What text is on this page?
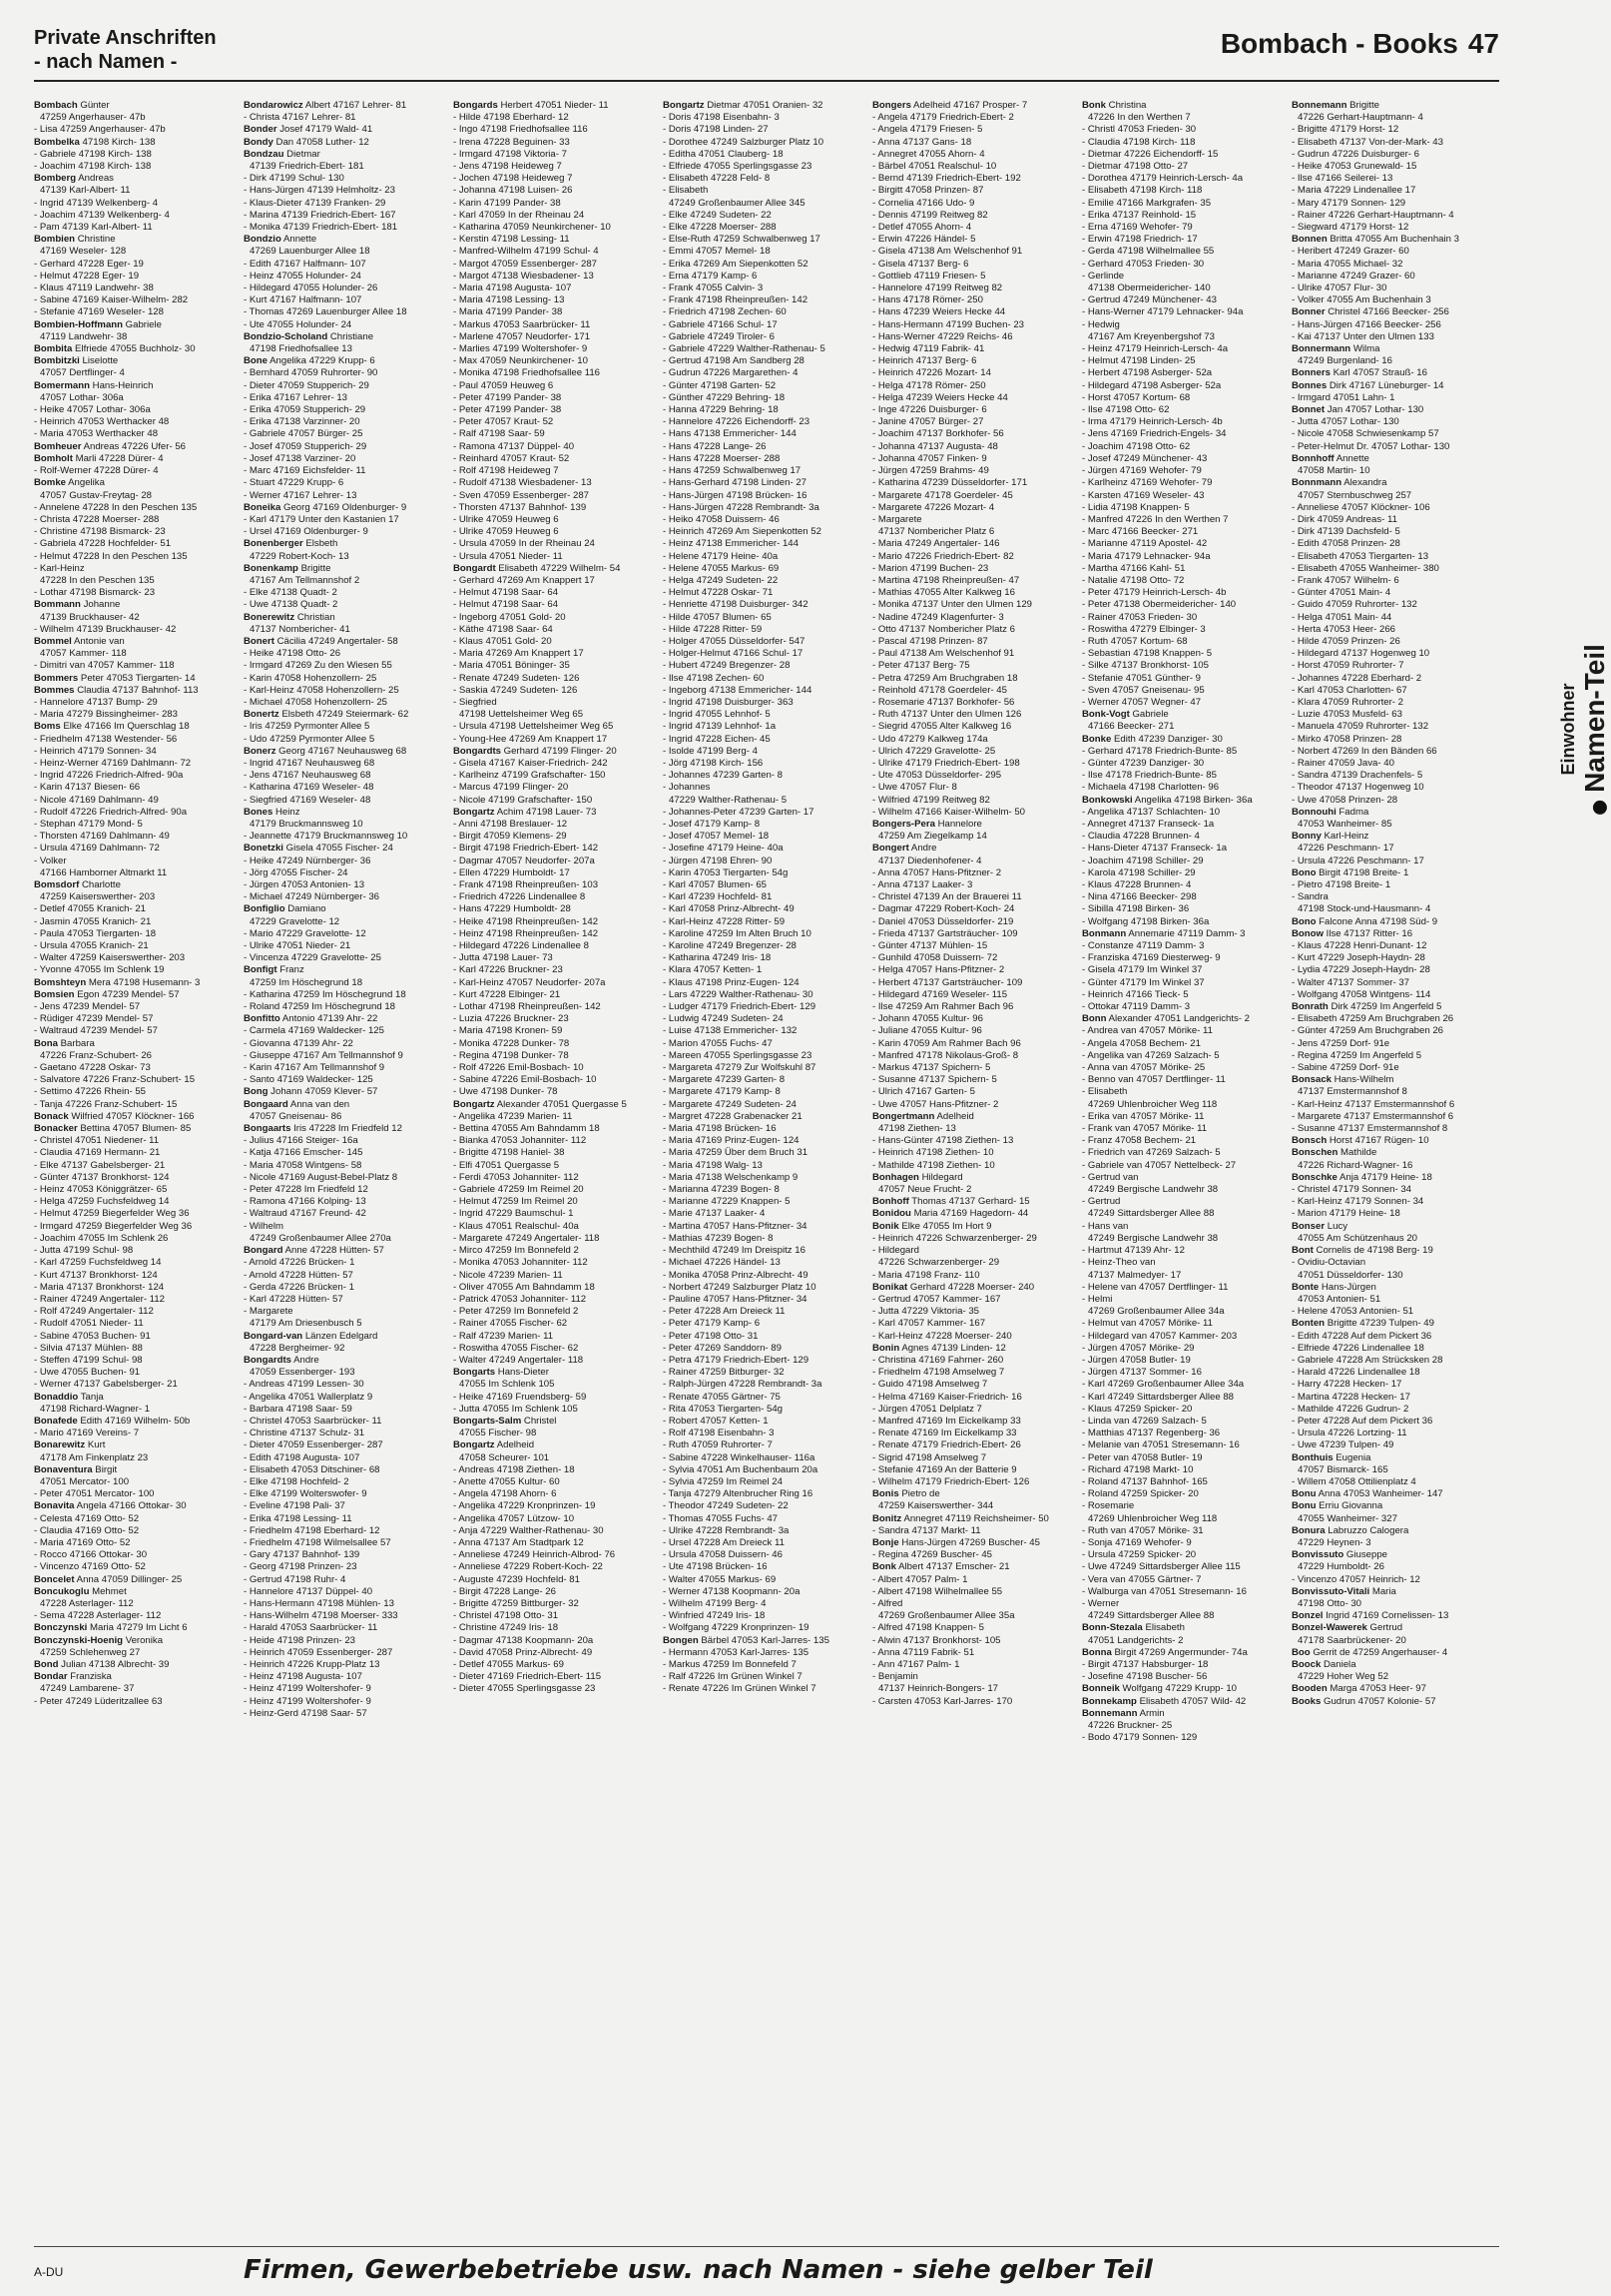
Private Anschriften
- nach Namen -
Bombach - Books 47
Bombach Günter
47259 Angerhauser- 47b
- Lisa 47259 Angerhauser- 47b
Bombelka 47198 Kirch- 138
- Gabriele 47198 Kirch- 138
- Joachim 47198 Kirch- 138
Bomberg Andreas
47139 Karl-Albert- 11
- Ingrid 47139 Welkenberg- 4
- Joachim 47139 Welkenberg- 4
- Pam 47139 Karl-Albert- 11
Bombien Christine
47169 Weseler- 128
- Gerhard 47228 Eger- 19
- Helmut 47228 Eger- 19
- Klaus 47119 Landwehr- 38
- Sabine 47169 Kaiser-Wilhelm- 282
- Stefanie 47169 Weseler- 128
Bombien-Hoffmann Gabriele
47119 Landwehr- 38
Bombita Elfriede 47055 Buchholz- 30
Bombitzki Liselotte
47057 Dertflinger- 4
Bomermann Hans-Heinrich
47057 Lothar- 306a
- Heike 47057 Lothar- 306a
- Heinrich 47053 Werthacker 48
- Maria 47053 Werthacker 48
Bomheuer Andreas 47226 Ufer- 56
Bomholt Marli 47228 Dürer- 4
- Rolf-Werner 47228 Dürer- 4
Bomke Angelika
47057 Gustav-Freytag- 28
- Annelene 47228 In den Peschen 135
- Christa 47228 Moerser- 288
- Christine 47198 Bismarck- 23
- Gabriela 47228 Hochfelder- 51
- Helmut 47228 In den Peschen 135
- Karl-Heinz
47228 In den Peschen 135
- Lothar 47198 Bismarck- 23
Bommann Johanne
47139 Bruckhauser- 42
- Wilhelm 47139 Bruckhauser- 42
Bommel Antonie van
47057 Kammer- 118
- Dimitri van 47057 Kammer- 118
Bommers Peter 47053 Tiergarten- 14
Bommes Claudia 47137 Bahnhof- 113
- Hannelore 47137 Bump- 29
- Maria 47279 Bissingheimer- 283
Boms Elke 47166 Im Querschlag 18
- Friedhelm 47138 Westender- 56
- Heinrich 47179 Sonnen- 34
- Heinz-Werner 47169 Dahlmann- 72
- Ingrid 47226 Friedrich-Alfred- 90a
- Karin 47137 Biesen- 66
- Nicole 47169 Dahlmann- 49
- Rudolf 47226 Friedrich-Alfred- 90a
- Stephan 47179 Mond- 5
- Thorsten 47169 Dahlmann- 49
- Ursula 47169 Dahlmann- 72
- Volker
47166 Hamborner Altmarkt 11
Bomsdorf Charlotte
47259 Kaiserswerther- 203
- Detlef 47055 Kranich- 21
- Jasmin 47055 Kranich- 21
- Paula 47053 Tiergarten- 18
- Ursula 47055 Kranich- 21
- Walter 47259 Kaiserswerther- 203
- Yvonne 47055 Im Schlenk 19
Bomshteyn Mera 47198 Husemann- 3
Bomsien Egon 47239 Mendel- 57
- Jens 47239 Mendel- 57
- Rüdiger 47239 Mendel- 57
- Waltraud 47239 Mendel- 57
Bona Barbara
47226 Franz-Schubert- 26
- Gaetano 47228 Oskar- 73
- Salvatore 47226 Franz-Schubert- 15
- Settimo 47226 Rhein- 55
- Tanja 47226 Franz-Schubert- 15
Bonack Wilfried 47057 Klöckner- 166
Bonacker Bettina 47057 Blumen- 85
- Christel 47051 Niedener- 11
- Claudia 47169 Hermann- 21
- Elke 47137 Gabelsberger- 21
- Günter 47137 Bronkhorst- 124
- Heinz 47053 Königgrätzer- 65
- Helga 47259 Fuchsfeldweg 14
- Helmut 47259 Biegerfelder Weg 36
- Irmgard 47259 Biegerfelder Weg 36
- Joachim 47055 Im Schlenk 26
- Jutta 47199 Schul- 98
- Karl 47259 Fuchsfeldweg 14
- Kurt 47137 Bronkhorst- 124
- Maria 47137 Bronkhorst- 124
- Rainer 47249 Angertaler- 112
- Rolf 47249 Angertaler- 112
- Rudolf 47051 Nieder- 11
- Sabine 47053 Buchen- 91
- Silvia 47137 Mühlen- 88
- Steffen 47199 Schul- 98
- Uwe 47055 Buchen- 91
- Werner 47137 Gabelsberger- 21
Bonaddio Tanja
47198 Richard-Wagner- 1
Bonafede Edith 47169 Wilhelm- 50b
- Mario 47169 Vereins- 7
Bonarewitz Kurt
47178 Am Finkenplatz 23
Bonaventura Birgit
47051 Mercator- 100
- Peter 47051 Mercator- 100
Bonavita Angela 47166 Ottokar- 30
- Celesta 47169 Otto- 52
- Claudia 47169 Otto- 52
- Maria 47169 Otto- 52
- Rocco 47166 Ottokar- 30
- Vincenzo 47169 Otto- 52
Boncelet Anna 47059 Dillinger- 25
Boncukoglu Mehmet
47228 Asterlager- 112
- Sema 47228 Asterlager- 112
Bonczynski Maria 47279 Im Licht 6
Bonczynski-Hoenig Veronika
47259 Schlehenweg 27
Bond Julian 47138 Albrecht- 39
Bondar Franziska
47249 Lambarene- 37
- Peter 47249 Lüderitzallee 63
Bondarowicz Albert 47167 Lehrer- 81
- Christa 47167 Lehrer- 81
Bonder Josef 47179 Wald- 41
Bondy Dan 47058 Luther- 12
Bondzau Dietmar
47139 Friedrich-Ebert- 181
- Dirk 47199 Schul- 130
- Hans-Jürgen 47139 Helmholtz- 23
- Klaus-Dieter 47139 Franken- 29
- Marina 47139 Friedrich-Ebert- 167
- Monika 47139 Friedrich-Ebert- 181
Bondzio Annette
47269 Lauenburger Allee 18
- Edith 47167 Halfmann- 107
- Heinz 47055 Holunder- 24
- Hildegard 47055 Holunder- 26
- Kurt 47167 Halfmann- 107
- Thomas 47269 Lauenburger Allee 18
- Ute 47055 Holunder- 24
Bondzio-Scholand Christiane
47198 Friedhofsallee 13
Bone Angelika 47229 Krupp- 6
- Bernhard 47059 Ruhrorter- 90
- Dieter 47059 Stupperich- 29
- Erika 47167 Lehrer- 13
- Erika 47059 Stupperich- 29
- Erika 47138 Varzinner- 20
- Gabriele 47057 Bürger- 25
- Josef 47059 Stupperich- 29
- Josef 47138 Varziner- 20
- Marc 47169 Eichsfelder- 11
- Stuart 47229 Krupp- 6
- Werner 47167 Lehrer- 13
Boneika Georg 47169 Oldenburger- 9
- Karl 47179 Unter den Kastanien 17
- Ursel 47169 Oldenburger- 9
Bonenberger Elsbeth
47229 Robert-Koch- 13
Bonenkamp Brigitte
47167 Am Tellmannshof 2
- Elke 47138 Quadt- 2
- Uwe 47138 Quadt- 2
Bonerewitz Christian
47137 Nombericher- 41
Bonert Cäcilia 47249 Angertaler- 58
- Heike 47198 Otto- 26
- Irmgard 47269 Zu den Wiesen 55
- Karin 47058 Hohenzollern- 25
- Karl-Heinz 47058 Hohenzollern- 25
- Michael 47058 Hohenzollern- 25
Bonertz Elsbeth 47249 Steiermark- 62
- Iris 47259 Pyrmonter Allee 5
- Udo 47259 Pyrmonter Allee 5
Bonerz Georg 47167 Neuhausweg 68
- Ingrid 47167 Neuhausweg 68
- Jens 47167 Neuhausweg 68
- Katharina 47169 Weseler- 48
- Siegfried 47169 Weseler- 48
Bones Heinz
47179 Bruckmannsweg 10
- Jeannette 47179 Bruckmannsweg 10
Bonetzki Gisela 47055 Fischer- 24
- Heike 47249 Nürnberger- 36
- Jörg 47055 Fischer- 24
- Jürgen 47053 Antonien- 13
- Michael 47249 Nürnberger- 36
Bonfiglio Damiano
47229 Gravelotte- 12
- Mario 47229 Gravelotte- 12
- Ulrike 47051 Nieder- 21
- Vincenza 47229 Gravelotte- 25
Bonfigt Franz
47259 Im Höschegrund 18
- Katharina 47259 Im Höschegrund 18
- Roland 47259 Im Höschegrund 18
Bonfitto Antonio 47139 Ahr- 22
- Carmela 47169 Waldecker- 125
- Giovanna 47139 Ahr- 22
- Giuseppe 47167 Am Tellmannshof 9
- Karin 47167 Am Tellmannshof 9
- Santo 47169 Waldecker- 125
Bong Johann 47059 Klever- 57
Bongaard Anna van den
47057 Gneisenau- 86
Bongaarts Iris 47228 Im Friedfeld 12
- Julius 47166 Steiger- 16a
- Katja 47166 Emscher- 145
- Maria 47058 Wintgens- 58
- Nicole 47169 August-Bebel-Platz 8
- Peter 47228 Im Friedfeld 12
- Ramona 47166 Kolping- 13
- Waltraud 47167 Freund- 42
- Wilhelm
47249 Großenbaumer Allee 270a
Bongard Anne 47228 Hütten- 57
- Arnold 47226 Brücken- 1
- Arnold 47228 Hütten- 57
- Gerda 47226 Brücken- 1
- Karl 47228 Hütten- 57
- Margarete
47179 Am Driesenbusch 5
Bongard-van Länzen Edelgard
47228 Bergheimer- 92
Bongardts Andre
47059 Essenberger- 193
- Andreas 47199 Lessen- 30
- Angelika 47051 Wallerplatz 9
- Barbara 47198 Saar- 59
- Christel 47053 Saarbrücker- 11
- Christine 47137 Schulz- 31
- Dieter 47059 Essenberger- 287
- Edith 47198 Augusta- 107
- Elisabeth 47053 Ditschiner- 68
- Elke 47198 Hochfeld- 2
- Elke 47199 Wolterswofer- 9
- Eveline 47198 Pali- 37
- Erika 47198 Lessing- 11
- Friedhelm 47198 Eberhard- 12
- Friedhelm 47198 Wilmelsallee 57
- Gary 47137 Bahnhof- 139
- Georg 47198 Prinzen- 23
- Gertrud 47198 Ruhr- 4
- Hannelore 47137 Düppel- 40
- Hans-Hermann 47198 Mühlen- 13
- Hans-Wilhelm 47198 Moerser- 333
- Harald 47053 Saarbrücker- 11
- Heide 47198 Prinzen- 23
- Heinrich 47059 Essenberger- 287
- Heinrich 47226 Krupp-Platz 13
- Heinz 47198 Augusta- 107
- Heinz 47199 Woltershofer- 9
- Heinz 47199 Woltershofer- 9
- Heinz-Gerd 47198 Saar- 57
Bongards Herbert 47051 Nieder- 11
- Hilde 47198 Eberhard- 12
- Ingo 47198 Friedhofsallee 116
- Irena 47228 Beguinen- 33
- Irmgard 47198 Viktoria- 7
- Jens 47198 Heideweg 7
- Jochen 47198 Heideweg 7
- Johanna 47198 Luisen- 26
- Karin 47199 Pander- 38
- Karl 47059 In der Rheinau 24
- Katharina 47059 Neunkirchener- 10
- Kerstin 47198 Lessing- 11
- Manfred-Wilhelm 47199 Schul- 4
- Margot 47059 Essenberger- 287
- Margot 47138 Wiesbadener- 13
- Maria 47198 Augusta- 107
- Maria 47198 Lessing- 13
- Maria 47199 Pander- 38
- Markus 47053 Saarbrücker- 11
- Marlene 47057 Neudorfer- 171
- Marlies 47199 Woltershofer- 9
- Max 47059 Neunkirchener- 10
- Monika 47198 Friedhofsallee 116
- Paul 47059 Heuweg 6
- Peter 47199 Pander- 38
- Peter 47199 Pander- 38
- Peter 47057 Kraut- 52
- Ralf 47198 Saar- 59
- Ramona 47137 Düppel- 40
- Reinhard 47057 Kraut- 52
- Rolf 47198 Heideweg 7
- Rudolf 47138 Wiesbadener- 13
- Sven 47059 Essenberger- 287
- Thorsten 47137 Bahnhof- 139
- Ulrike 47059 Heuweg 6
- Ulrike 47059 Heuweg 6
- Ursula 47059 In der Rheinau 24
- Ursula 47051 Nieder- 11
Bongardt Elisabeth 47229 Wilhelm- 54
- Gerhard 47269 Am Knappert 17
- Helmut 47198 Saar- 64
- Helmut 47198 Saar- 64
- Ingeborg 47051 Gold- 20
- Käthe 47198 Saar- 64
- Klaus 47051 Gold- 20
- Maria 47269 Am Knappert 17
- Maria 47051 Böninger- 35
- Renate 47249 Sudeten- 126
- Saskia 47249 Sudeten- 126
- Siegfried
47198 Uettelsheimer Weg 65
- Ursula 47198 Uettelsheimer Weg 65
- Young-Hee 47269 Am Knappert 17
Bongardts Gerhard 47199 Flinger- 20
- Gisela 47167 Kaiser-Friedrich- 242
- Karlheinz 47199 Grafschafter- 150
- Marcus 47199 Flinger- 20
- Nicole 47199 Grafschafter- 150
Bongartz Achim 47198 Lauer- 73
- Anni 47198 Breslauer- 12
- Birgit 47059 Klemens- 29
- Birgit 47198 Friedrich-Ebert- 142
- Dagmar 47057 Neudorfer- 207a
- Ellen 47229 Humboldt- 17
- Frank 47198 Rheinpreußen- 103
- Friedrich 47226 Lindenallee 8
- Hans 47229 Humboldt- 28
- Heike 47198 Rheinpreußen- 142
- Heinz 47198 Rheinpreußen- 142
- Hildegard 47226 Lindenallee 8
- Jutta 47198 Lauer- 73
- Karl 47226 Bruckner- 23
- Karl-Heinz 47057 Neudorfer- 207a
- Kurt 47228 Elbinger- 21
- Lothar 47198 Rheinpreußen- 142
- Luzia 47226 Bruckner- 23
- Maria 47198 Kronen- 59
- Monika 47228 Dunker- 78
- Regina 47198 Dunker- 78
- Rolf 47226 Emil-Bosbach- 10
- Sabine 47226 Emil-Bosbach- 10
- Uwe 47198 Dunker- 78
Bongartz Alexander 47051 Quergasse 5
- Angelika 47239 Marien- 11
- Bettina 47055 Am Bahndamm 18
- Bianka 47053 Johanniter- 112
- Brigitte 47198 Haniel- 38
- Elfi 47051 Quergasse 5
- Ferdi 47053 Johanniter- 112
- Gabriele 47259 Im Reimel 20
- Helmut 47259 Im Reimel 20
- Ingrid 47229 Baumschul- 1
- Klaus 47051 Realschul- 40a
- Margarete 47249 Angertaler- 118
- Mirco 47259 Im Bonnefeld 2
- Monika 47053 Johanniter- 112
- Nicole 47239 Marien- 11
- Oliver 47055 Am Bahndamm 18
- Patrick 47053 Johanniter- 112
- Peter 47259 Im Bonnefeld 2
- Rainer 47055 Fischer- 62
- Ralf 47239 Marien- 11
- Roswitha 47055 Fischer- 62
- Walter 47249 Angertaler- 118
Bongarts Hans-Dieter
47055 Im Schlenk 105
- Heike 47169 Fruendsberg- 59
- Jutta 47055 Im Schlenk 105
Bongarts-Salm Christel
47055 Fischer- 98
Bongartz Adelheid
47058 Scheurer- 101
- Andreas 47198 Ziethen- 18
- Anette 47055 Kultur- 60
- Angela 47198 Ahorn- 6
- Angelika 47229 Kronprinzen- 19
- Angelika 47057 Lützow- 10
- Anja 47229 Walther-Rathenau- 30
- Anna 47137 Am Stadtpark 12
- Anneliese 47249 Heinrich-Albrod- 76
- Anneliese 47229 Robert-Koch- 22
- Auguste 47239 Hochfeld- 81
- Birgit 47228 Lange- 26
- Brigitte 47259 Bittburger- 32
- Christel 47198 Otto- 31
- Christine 47249 Iris- 18
- Dagmar 47138 Koopmann- 20a
- David 47058 Prinz-Albrecht- 49
- Detlef 47055 Markus- 69
- Dieter 47169 Friedrich-Ebert- 115
- Dieter 47055 Sperlingsgasse 23
Bongartz Dietmar 47051 Oranien- 32
- Doris 47198 Eisenbahn- 3
- Doris 47198 Linden- 27
- Dorothee 47249 Salzburger Platz 10
- Editha 47051 Clauberg- 18
- Elfriede 47055 Sperlingsgasse 23
- Elisabeth 47228 Feld- 8
- Elisabeth
47249 Großenbaumer Allee 345
- Elke 47249 Sudeten- 22
- Elke 47228 Moerser- 288
- Else-Ruth 47259 Schwalbenweg 17
- Emmi 47057 Memel- 18
- Erika 47269 Am Siepenkotten 52
- Erna 47179 Kamp- 6
- Frank 47055 Calvin- 3
- Frank 47198 Rheinpreußen- 142
- Friedrich 47198 Zechen- 60
- Gabriele 47166 Schul- 17
- Gabriele 47249 Tiroler- 6
- Gabriele 47229 Walther-Rathenau- 5
- Gertrud 47198 Am Sandberg 28
- Gudrun 47226 Margarethen- 4
- Günter 47198 Garten- 52
- Günther 47229 Behring- 18
- Hanna 47229 Behring- 18
- Hannelore 47226 Eichendorff- 23
- Hans 47138 Emmericher- 144
- Hans 47228 Lange- 26
- Hans 47228 Moerser- 288
- Hans 47259 Schwalbenweg 17
- Hans-Gerhard 47198 Linden- 27
- Hans-Jürgen 47198 Brücken- 16
- Hans-Jürgen 47228 Rembrandt- 3a
- Heiko 47058 Duissern- 46
- Heinrich 47269 Am Siepenkotten 52
- Heinz 47138 Emmericher- 144
- Helene 47179 Heine- 40a
- Helene 47055 Markus- 69
- Helga 47249 Sudeten- 22
- Helmut 47228 Oskar- 71
- Henriette 47198 Duisburger- 342
- Hilde 47057 Blumen- 65
- Hilde 47228 Ritter- 59
- Holger 47055 Düsseldorfer- 547
- Holger-Helmut 47166 Schul- 17
- Hubert 47249 Bregenzer- 28
- Ilse 47198 Zechen- 60
- Ingeborg 47138 Emmericher- 144
- Ingrid 47198 Duisburger- 363
- Ingrid 47055 Lehnhof- 5
- Ingrid 47139 Lehnhof- 1a
- Ingrid 47228 Eichen- 45
- Isolde 47199 Berg- 4
- Jörg 47198 Kirch- 156
- Johannes 47239 Garten- 8
- Johannes
47229 Walther-Rathenau- 5
- Johannes-Peter 47239 Garten- 17
- Josef 47179 Kamp- 8
- Josef 47057 Memel- 18
- Josefine 47179 Heine- 40a
- Jürgen 47198 Ehren- 90
- Karin 47053 Tiergarten- 54g
- Karl 47057 Blumen- 65
- Karl 47239 Hochfeld- 81
- Karl 47058 Prinz-Albrecht- 49
- Karl-Heinz 47228 Ritter- 59
- Karoline 47259 Im Alten Bruch 10
- Karoline 47249 Bregenzer- 28
- Katharina 47249 Iris- 18
- Klara 47057 Ketten- 1
- Klaus 47198 Prinz-Eugen- 124
- Lars 47229 Walther-Rathenau- 30
- Ludger 47179 Friedrich-Ebert- 129
- Ludwig 47249 Sudeten- 24
- Luise 47138 Emmericher- 132
- Marion 47055 Fuchs- 47
- Mareen 47055 Sperlingsgasse 23
- Margareta 47279 Zur Wolfskuhl 87
- Margarete 47239 Garten- 8
- Margarete 47179 Kamp- 8
- Margarete 47249 Sudeten- 24
- Margret 47228 Grabenacker 21
- Maria 47198 Brücken- 16
- Maria 47169 Prinz-Eugen- 124
- Maria 47259 Über dem Bruch 31
- Maria 47198 Walg- 13
- Maria 47138 Welschenkamp 9
- Marianna 47239 Bogen- 8
- Marianne 47229 Knappen- 5
- Marie 47137 Laaker- 4
- Martina 47057 Hans-Pfitzner- 34
- Mathias 47239 Bogen- 8
- Mechthild 47249 Im Dreispitz 16
- Michael 47226 Händel- 13
- Monika 47058 Prinz-Albrecht- 49
- Norbert 47249 Salzburger Platz 10
- Pauline 47057 Hans-Pfitzner- 34
- Peter 47228 Am Dreieck 11
- Peter 47179 Kamp- 6
- Peter 47198 Otto- 31
- Peter 47269 Sanddorn- 89
- Petra 47179 Friedrich-Ebert- 129
- Rainer 47259 Bitburger- 32
- Ralph-Jürgen 47228 Rembrandt- 3a
- Renate 47055 Gärtner- 75
- Rita 47053 Tiergarten- 54g
- Robert 47057 Ketten- 1
- Rolf 47198 Eisenbahn- 3
- Ruth 47059 Ruhrorter- 7
- Sabine 47228 Winkelhauser- 116a
- Sylvia 47051 Am Buchenbaum 20a
- Sylvia 47259 Im Reimel 24
- Tanja 47279 Altenbrucher Ring 16
- Theodor 47249 Sudeten- 22
- Thomas 47055 Fuchs- 47
- Ulrike 47228 Rembrandt- 3a
- Ursel 47228 Am Dreieck 11
- Ursula 47058 Duissern- 46
- Ute 47198 Brücken- 16
- Walter 47055 Markus- 69
- Werner 47138 Koopmann- 20a
- Wilhelm 47199 Berg- 4
- Winfried 47249 Iris- 18
- Wolfgang 47229 Kronprinzen- 19
Bongen Bärbel 47053 Karl-Jarres- 135
- Hermann 47053 Karl-Jarres- 135
- Markus 47259 Im Bonnefeld 7
- Ralf 47226 Im Grünen Winkel 7
- Renate 47226 Im Grünen Winkel 7
Bongers Adelheid 47167 Prosper- 7
- Angela 47179 Friedrich-Ebert- 2
- Angela 47179 Friesen- 5
- Anna 47137 Gans- 18
- Annegret 47055 Ahorn- 4
- Bärbel 47051 Realschul- 10
- Bernd 47139 Friedrich-Ebert- 192
- Birgitt 47058 Prinzen- 87
- Cornelia 47166 Udo- 9
- Dennis 47199 Reitweg 82
- Detlef 47055 Ahorn- 4
- Erwin 47226 Händel- 5
- Gisela 47138 Am Welschenhof 91
- Gisela 47137 Berg- 6
- Gottlieb 47119 Friesen- 5
- Hannelore 47199 Reitweg 82
- Hans 47178 Römer- 250
- Hans 47239 Weiers Hecke 44
- Hans-Hermann 47199 Buchen- 23
- Hans-Werner 47229 Reichs- 46
- Hedwig 47119 Fabrik- 41
- Heinrich 47137 Berg- 6
- Heinrich 47226 Mozart- 14
- Helga 47178 Römer- 250
- Helga 47239 Weiers Hecke 44
- Inge 47226 Duisburger- 6
- Janine 47057 Bürger- 27
- Joachim 47137 Borkhofer- 56
- Johanna 47137 Augusta- 48
- Johanna 47057 Finken- 9
- Jürgen 47259 Brahms- 49
- Katharina 47239 Düsseldorfer- 171
- Margarete 47178 Goerdeler- 45
- Margarete 47226 Mozart- 4
- Margarete
47137 Nombericher Platz 6
- Maria 47249 Angertaler- 146
- Mario 47226 Friedrich-Ebert- 82
- Marion 47199 Buchen- 23
- Martina 47198 Rheinpreußen- 47
- Mathias 47055 Alter Kalkweg 16
- Monika 47137 Unter den Ulmen 129
- Nadine 47249 Klagenfurter- 3
- Otto 47137 Nombericher Platz 6
- Pascal 47198 Prinzen- 87
- Paul 47138 Am Welschenhof 91
- Peter 47137 Berg- 75
- Petra 47259 Am Bruchgraben 18
- Reinhold 47178 Goerdeler- 45
- Rosemarie 47137 Borkhofer- 56
- Ruth 47137 Unter den Ulmen 126
- Siegrid 47055 Alter Kalkweg 16
- Udo 47279 Kalkweg 174a
- Ulrich 47229 Gravelotte- 25
- Ulrike 47179 Friedrich-Ebert- 198
- Ute 47053 Düsseldorfer- 295
- Uwe 47057 Flur- 8
- Wilfried 47199 Reitweg 82
- Wilhelm 47166 Kaiser-Wilhelm- 50
Bongers-Pera Hannelore
47259 Am Ziegelkamp 14
Bongert Andre
47137 Diedenhofener- 4
- Anna 47057 Hans-Pfitzner- 2
- Anna 47137 Laaker- 3
- Christel 47139 An der Brauerei 11
- Dagmar 47229 Robert-Koch- 24
- Daniel 47053 Düsseldorfer- 219
- Frieda 47137 Gartsträucher- 109
- Günter 47137 Mühlen- 15
- Gunhild 47058 Duissern- 72
- Helga 47057 Hans-Pfitzner- 2
- Herbert 47137 Gartsträucher- 109
- Hildegard 47169 Weseler- 115
- Ilse 47259 Am Rahmer Bach 96
- Johann 47055 Kultur- 96
- Juliane 47055 Kultur- 96
- Karin 47059 Am Rahmer Bach 96
- Manfred 47178 Nikolaus-Groß- 8
- Markus 47137 Spichern- 5
- Susanne 47137 Spichern- 5
- Ulrich 47167 Garten- 5
- Uwe 47057 Hans-Pfitzner- 2
Bongertmann Adelheid
47198 Ziethen- 13
- Hans-Günter 47198 Ziethen- 13
- Heinrich 47198 Ziethen- 10
- Mathilde 47198 Ziethen- 10
Bonhagen Hildegard
47057 Neue Frucht- 2
Bonhoff Thomas 47137 Gerhard- 15
Bonidou Maria 47169 Hagedorn- 44
Bonik Elke 47055 Im Hort 9
- Heinrich 47226 Schwarzenberger- 29
- Hildegard
47226 Schwarzenberger- 29
- Maria 47198 Franz- 110
Bonikat Gerhard 47228 Moerser- 240
- Gertrud 47057 Kammer- 167
- Jutta 47229 Viktoria- 35
- Karl 47057 Kammer- 167
- Karl-Heinz 47228 Moerser- 240
Bonin Agnes 47139 Linden- 12
- Christina 47169 Fahrner- 260
- Friedhelm 47198 Amselweg 7
- Guido 47198 Amselweg 7
- Helma 47169 Kaiser-Friedrich- 16
- Jürgen 47051 Delplatz 7
- Manfred 47169 Im Eickelkamp 33
- Renate 47169 Im Eickelkamp 33
- Renate 47179 Friedrich-Ebert- 26
- Sigrid 47198 Amselweg 7
- Stefanie 47169 An der Batterie 9
- Wilhelm 47179 Friedrich-Ebert- 126
Bonis Pietro de
47259 Kaiserswerther- 344
Bonitz Annegret 47119 Reichsheimer- 50
- Sandra 47137 Markt- 11
Bonje Hans-Jürgen 47269 Buscher- 45
- Regina 47269 Buscher- 45
Bonk Albert 47137 Emscher- 21
- Albert 47057 Palm- 1
- Albert 47198 Wilhelmallee 55
- Alfred
47269 Großenbaumer Allee 35a
- Alfred 47198 Knappen- 5
- Alwin 47137 Bronkhorst- 105
- Anna 47119 Fabrik- 51
- Ann 47167 Palm- 1
- Benjamin
47137 Heinrich-Bongers- 17
- Carsten 47053 Karl-Jarres- 170
Bonk Christina
47226 In den Werthen 7
- Christl 47053 Frieden- 30
- Claudia 47198 Kirch- 118
- Dietmar 47226 Eichendorff- 15
- Dietmar 47198 Otto- 27
- Dorothea 47179 Heinrich-Lersch- 4a
- Elisabeth 47198 Kirch- 118
- Emilie 47166 Markgrafen- 35
- Erika 47137 Reinhold- 15
- Erna 47169 Wehofer- 79
- Erwin 47198 Friedrich- 17
- Gerda 47198 Wilhelmallee 55
- Gerhard 47053 Frieden- 30
- Gerlinde
47138 Obermeidericher- 140
- Gertrud 47249 Münchener- 43
- Hans-Werner 47179 Lehnacker- 94a
- Hedwig
47167 Am Kreyenbergshof 73
- Heinz 47179 Heinrich-Lersch- 4a
- Helmut 47198 Linden- 25
- Herbert 47198 Asberger- 52a
- Hildegard 47198 Asberger- 52a
- Horst 47057 Kortum- 68
- Ilse 47198 Otto- 62
- Irma 47179 Heinrich-Lersch- 4b
- Jens 47169 Friedrich-Engels- 34
- Joachim 47198 Otto- 62
- Josef 47249 Münchener- 43
- Jürgen 47169 Wehofer- 79
- Karlheinz 47169 Wehofer- 79
- Karsten 47169 Weseler- 43
- Lidia 47198 Knappen- 5
- Manfred 47226 In den Werthen 7
- Marc 47166 Beecker- 271
- Marianne 47119 Apostel- 42
- Maria 47179 Lehnacker- 94a
- Martha 47166 Kahl- 51
- Natalie 47198 Otto- 72
- Peter 47179 Heinrich-Lersch- 4b
- Peter 47138 Obermeidericher- 140
- Rainer 47053 Frieden- 30
- Roswitha 47279 Elbinger- 3
- Ruth 47057 Kortum- 68
- Sebastian 47198 Knappen- 5
- Silke 47137 Bronkhorst- 105
- Stefanie 47051 Günther- 9
- Sven 47057 Gneisenau- 95
- Werner 47057 Wegner- 47
Bonk-Vogt Gabriele
47166 Beecker- 271
Bonke Edith 47239 Danziger- 30
- Gerhard 47178 Friedrich-Bunte- 85
- Günter 47239 Danziger- 30
- Ilse 47178 Friedrich-Bunte- 85
- Michaela 47198 Charlotten- 96
Bonkowski Angelika 47198 Birken- 36a
- Angelika 47137 Schlachten- 10
- Annegret 47137 Franseck- 1a
- Claudia 47228 Brunnen- 4
- Hans-Dieter 47137 Franseck- 1a
- Joachim 47198 Schiller- 29
- Karola 47198 Schiller- 29
- Klaus 47228 Brunnen- 4
- Nina 47166 Beecker- 298
- Sibilla 47198 Birken- 36
- Wolfgang 47198 Birken- 36a
Bonmann Annemarie 47119 Damm- 3
- Constanze 47119 Damm- 3
- Franziska 47169 Diesterweg- 9
- Gisela 47179 Im Winkel 37
- Günter 47179 Im Winkel 37
- Heinrich 47166 Tieck- 5
- Ottokar 47119 Damm- 3
Bonn Alexander 47051 Landgerichts- 2
- Andrea van 47057 Mörike- 11
- Angela 47058 Bechem- 21
- Angelika van 47269 Salzach- 5
- Anna van 47057 Mörike- 25
- Benno van 47057 Dertflinger- 11
- Elisabeth
47269 Uhlenbroicher Weg 118
- Erika van 47057 Mörike- 11
- Frank van 47057 Mörike- 11
- Franz 47058 Bechem- 21
- Friedrich van 47269 Salzach- 5
- Gabriele van 47057 Nettelbeck- 27
- Gertrud van
47249 Bergische Landwehr 38
- Gertrud
47249 Sittardsberger Allee 88
- Hans van
47249 Bergische Landwehr 38
- Hartmut 47139 Ahr- 12
- Heinz-Theo van
47137 Malmedyer- 17
- Helene van 47057 Dertflinger- 11
- Helmi
47269 Großenbaumer Allee 34a
- Helmut van 47057 Mörike- 11
- Hildegard van 47057 Kammer- 203
- Jürgen 47057 Mörike- 29
- Jürgen 47058 Butler- 19
- Jürgen 47137 Sommer- 16
- Karl 47269 Großenbaumer Allee 34a
- Karl 47249 Sittardsberger Allee 88
- Klaus 47259 Spicker- 20
- Linda van 47269 Salzach- 5
- Matthias 47137 Regenberg- 36
- Melanie van 47051 Stresemann- 16
- Peter van 47058 Butler- 19
- Richard 47198 Markt- 10
- Roland 47137 Bahnhof- 165
- Roland 47259 Spicker- 20
- Rosemarie
47269 Uhlenbroicher Weg 118
- Ruth van 47057 Mörike- 31
- Sonja 47169 Wehofer- 9
- Ursula 47259 Spicker- 20
- Uwe 47249 Sittardsberger Allee 115
- Vera van 47055 Gärtner- 7
- Walburga van 47051 Stresemann- 16
- Werner
47249 Sittardsberger Allee 88
Bonn-Stezala Elisabeth
47051 Landgerichts- 2
Bonna Birgit 47269 Angermunder- 74a
- Birgit 47137 Habsburger- 18
- Josefine 47198 Buscher- 56
Bonneik Wolfgang 47229 Krupp- 10
Bonnekamp Elisabeth 47057 Wild- 42
Bonnemann Armin
47226 Bruckner- 25
- Bodo 47179 Sonnen- 129
Bonnemann Brigitte
47226 Gerhart-Hauptmann- 4
- Brigitte 47179 Horst- 12
- Elisabeth 47137 Von-der-Mark- 43
- Gudrun 47226 Duisburger- 6
- Heike 47053 Grunewald- 15
- Ilse 47166 Seilerei- 13
- Maria 47229 Lindenallee 17
- Mary 47179 Sonnen- 129
- Rainer 47226 Gerhart-Hauptmann- 4
- Siegward 47179 Horst- 12
Bonnen Britta 47055 Am Buchenhain 3
- Heribert 47249 Grazer- 60
- Maria 47055 Michael- 32
- Marianne 47249 Grazer- 60
- Ulrike 47057 Flur- 30
- Volker 47055 Am Buchenhain 3
Bonner Christel 47166 Beecker- 256
- Hans-Jürgen 47166 Beecker- 256
- Kai 47137 Unter den Ulmen 133
Bonnermann Wilma
47249 Burgenland- 16
Bonners Karl 47057 Strauß- 16
Bonnes Dirk 47167 Lüneburger- 14
- Irmgard 47051 Lahn- 1
Bonnet Jan 47057 Lothar- 130
- Jutta 47057 Lothar- 130
- Nicole 47058 Schwiesenkamp 57
- Peter-Helmut Dr. 47057 Lothar- 130
Bonnhoff Annette
47058 Martin- 10
Bonnmann Alexandra
47057 Sternbuschweg 257
- Anneliese 47057 Klöckner- 106
- Dirk 47059 Andreas- 11
- Dirk 47139 Dachsfeld- 5
- Edith 47058 Prinzen- 28
- Elisabeth 47053 Tiergarten- 13
- Elisabeth 47055 Wanheimer- 380
- Frank 47057 Wilhelm- 6
- Günter 47051 Main- 4
- Guido 47059 Ruhrorter- 132
- Helga 47051 Main- 44
- Herta 47053 Heer- 266
- Hilde 47059 Prinzen- 26
- Hildegard 47137 Hogenweg 10
- Horst 47059 Ruhrorter- 7
- Johannes 47228 Eberhard- 2
- Karl 47053 Charlotten- 67
- Klara 47059 Ruhrorter- 2
- Luzie 47053 Musfeld- 63
- Manuela 47059 Ruhrorter- 132
- Mirko 47058 Prinzen- 28
- Norbert 47269 In den Bänden 66
- Rainer 47059 Java- 40
- Sandra 47139 Drachenfels- 5
- Theodor 47137 Hogenweg 10
- Uwe 47058 Prinzen- 28
Bonnouhi Fadma
47053 Wanheimer- 85
Bonny Karl-Heinz
47226 Peschmann- 17
- Ursula 47226 Peschmann- 17
Bono Birgit 47198 Breite- 1
- Pietro 47198 Breite- 1
- Sandra
47198 Stock-und-Hausmann- 4
Bono Falcone Anna 47198 Süd- 9
Bonow Ilse 47137 Ritter- 16
- Klaus 47228 Henri-Dunant- 12
- Kurt 47229 Joseph-Haydn- 28
- Lydia 47229 Joseph-Haydn- 28
- Walter 47137 Sommer- 37
- Wolfgang 47058 Wintgens- 114
Bonrath Dirk 47259 Im Angerfeld 5
- Elisabeth 47259 Am Bruchgraben 26
- Günter 47259 Am Bruchgraben 26
- Jens 47259 Dorf- 91e
- Regina 47259 Im Angerfeld 5
- Sabine 47259 Dorf- 91e
Bonsack Hans-Wilhelm
47137 Emstermannshof 8
- Karl-Heinz 47137 Emstermannshof 6
- Margarete 47137 Emstermannshof 6
- Susanne 47137 Emstermannshof 8
Bonsch Horst 47167 Rügen- 10
Bonschen Mathilde
47226 Richard-Wagner- 16
Bonschke Anja 47179 Heine- 18
- Christel 47179 Sonnen- 34
- Karl-Heinz 47179 Sonnen- 34
- Marion 47179 Heine- 18
Bonser Lucy
47055 Am Schützenhaus 20
Bont Cornelis de 47198 Berg- 19
- Ovidiu-Octavian
47051 Düsseldorfer- 130
Bonte Hans-Jürgen
47053 Antonien- 51
- Helene 47053 Antonien- 51
Bonten Brigitte 47239 Tulpen- 49
- Edith 47228 Auf dem Pickert 36
- Elfriede 47226 Lindenallee 18
- Gabriele 47228 Am Strücksken 28
- Harald 47226 Lindenallee 18
- Harry 47228 Hecken- 17
- Martina 47228 Hecken- 17
- Mathilde 47226 Gudrun- 2
- Peter 47228 Auf dem Pickert 36
- Ursula 47226 Lortzing- 11
- Uwe 47239 Tulpen- 49
Bonthuis Eugenia
47057 Bismarck- 165
- Willem 47058 Ottilienplatz 4
Bonu Anna 47053 Wanheimer- 147
Bonu Erriu Giovanna
47055 Wanheimer- 327
Bonura Labruzzo Calogera
47229 Heynen- 3
Bonvissuto Giuseppe
47229 Humboldt- 26
- Vincenzo 47057 Heinrich- 12
Bonvissuto-Vitali Maria
47198 Otto- 30
Bonzel Ingrid 47169 Cornelissen- 13
Bonzel-Wawerek Gertrud
47178 Saarbrückener- 20
Boo Gerrit de 47259 Angerhauser- 4
Boock Daniela
47229 Hoher Weg 52
Booden Marga 47053 Heer- 97
Books Gudrun 47057 Kolonie- 57
Einwohner Namen-Teil
A-DU	Firmen, Gewerbebetriebe usw. nach Namen - siehe gelber Teil
